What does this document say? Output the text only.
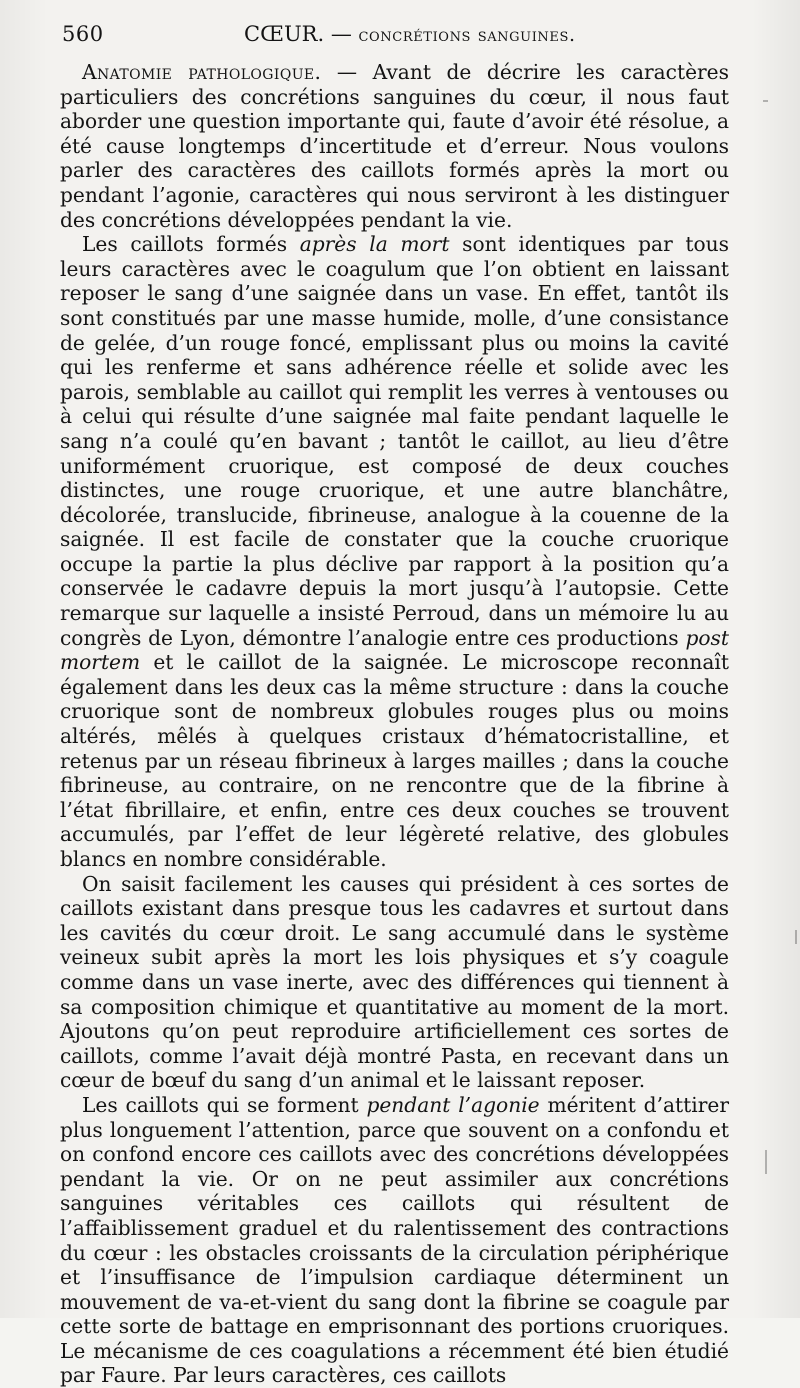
560	CŒUR. — concrétions sanguines.

Anatomie pathologique. — Avant de décrire les caractères particuliers des concrétions sanguines du cœur, il nous faut aborder une question importante qui, faute d’avoir été résolue, a été cause longtemps d’incertitude et d’erreur. Nous voulons parler des caractères des caillots formés après la mort ou pendant l’agonie, caractères qui nous serviront à les distinguer des concrétions développées pendant la vie.

Les caillots formés après la mort sont identiques par tous leurs caractères avec le coagulum que l’on obtient en laissant reposer le sang d’une saignée dans un vase. En effet, tantôt ils sont constitués par une masse humide, molle, d’une consistance de gelée, d’un rouge foncé, emplissant plus ou moins la cavité qui les renferme et sans adhérence réelle et solide avec les parois, semblable au caillot qui remplit les verres à ventouses ou à celui qui résulte d’une saignée mal faite pendant laquelle le sang n’a coulé qu’en bavant ; tantôt le caillot, au lieu d’être uniformément cruorique, est composé de deux couches distinctes, une rouge cruorique, et une autre blanchâtre, décolorée, translucide, fibrineuse, analogue à la couenne de la saignée. Il est facile de constater que la couche cruorique occupe la partie la plus déclive par rapport à la position qu’a conservée le cadavre depuis la mort jusqu’à l’autopsie. Cette remarque sur laquelle a insisté Perroud, dans un mémoire lu au congrès de Lyon, démontre l’analogie entre ces productions post mortem et le caillot de la saignée. Le microscope reconnaît également dans les deux cas la même structure : dans la couche cruorique sont de nombreux globules rouges plus ou moins altérés, mêlés à quelques cristaux d’hématocristalline, et retenus par un réseau fibrineux à larges mailles ; dans la couche fibrineuse, au contraire, on ne rencontre que de la fibrine à l’état fibrillaire, et enfin, entre ces deux couches se trouvent accumulés, par l’effet de leur légèreté relative, des globules blancs en nombre considérable.

On saisit facilement les causes qui président à ces sortes de caillots existant dans presque tous les cadavres et surtout dans les cavités du cœur droit. Le sang accumulé dans le système veineux subit après la mort les lois physiques et s’y coagule comme dans un vase inerte, avec des différences qui tiennent à sa composition chimique et quantitative au moment de la mort. Ajoutons qu’on peut reproduire artificiellement ces sortes de caillots, comme l’avait déjà montré Pasta, en recevant dans un cœur de bœuf du sang d’un animal et le laissant reposer.

Les caillots qui se forment pendant l’agonie méritent d’attirer plus longuement l’attention, parce que souvent on a confondu et on confond encore ces caillots avec des concrétions développées pendant la vie. Or on ne peut assimiler aux concrétions sanguines véritables ces caillots qui résultent de l’affaiblissement graduel et du ralentissement des contractions du cœur : les obstacles croissants de la circulation périphérique et l’insuffisance de l’impulsion cardiaque déterminent un mouvement de va-et-vient du sang dont la fibrine se coagule par cette sorte de battage en emprisonnant des portions cruoriques. Le mécanisme de ces coagulations a récemment été bien étudié par Faure. Par leurs caractères, ces caillots
